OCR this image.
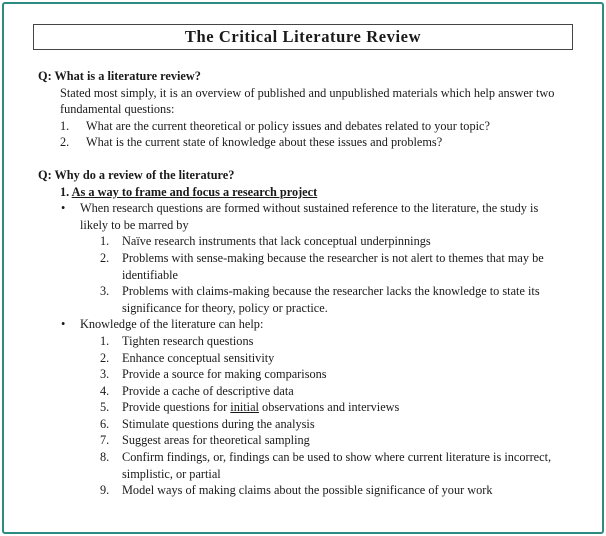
The Critical Literature Review
Q: What is a literature review?
Stated most simply, it is an overview of published and unpublished materials which help answer two fundamental questions:
1. What are the current theoretical or policy issues and debates related to your topic?
2. What is the current state of knowledge about these issues and problems?
Q: Why do a review of the literature?
1. As a way to frame and focus a research project
• When research questions are formed without sustained reference to the literature, the study is likely to be marred by
1. Naïve research instruments that lack conceptual underpinnings
2. Problems with sense-making because the researcher is not alert to themes that may be identifiable
3. Problems with claims-making because the researcher lacks the knowledge to state its significance for theory, policy or practice.
• Knowledge of the literature can help:
1. Tighten research questions
2. Enhance conceptual sensitivity
3. Provide a source for making comparisons
4. Provide a cache of descriptive data
5. Provide questions for initial observations and interviews
6. Stimulate questions during the analysis
7. Suggest areas for theoretical sampling
8. Confirm findings, or, findings can be used to show where current literature is incorrect, simplistic, or partial
9. Model ways of making claims about the possible significance of your work
